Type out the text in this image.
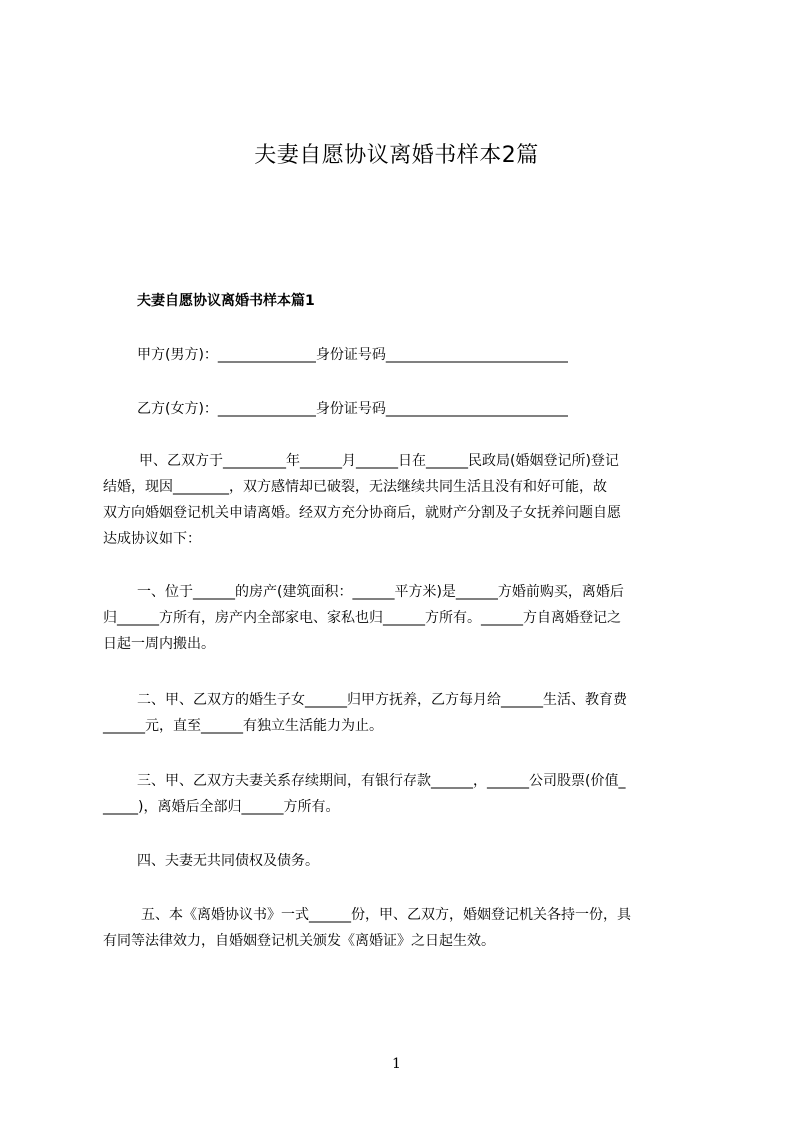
夫妻自愿协议离婚书样本2篇
夫妻自愿协议离婚书样本篇1
甲方(男方)：______________身份证号码__________________________
乙方(女方)：______________身份证号码__________________________
甲、乙双方于_________年______月______日在______民政局(婚姻登记所)登记
结婚，现因________，双方感情却已破裂，无法继续共同生活且没有和好可能，故
双方向婚姻登记机关申请离婚。经双方充分协商后，就财产分割及子女抚养问题自愿
达成协议如下：
一、位于______的房产(建筑面积：______平方米)是______方婚前购买，离婚后
归______方所有，房产内全部家电、家私也归______方所有。______方自离婚登记之
日起一周内搬出。
二、甲、乙双方的婚生子女______归甲方抚养，乙方每月给______生活、教育费
______元，直至______有独立生活能力为止。
三、甲、乙双方夫妻关系存续期间，有银行存款______，______公司股票(价值_
_____)，离婚后全部归______方所有。
四、夫妻无共同债权及债务。
五、本《离婚协议书》一式______份，甲、乙双方，婚姻登记机关各持一份，具
有同等法律效力，自婚姻登记机关颁发《离婚证》之日起生效。
1
